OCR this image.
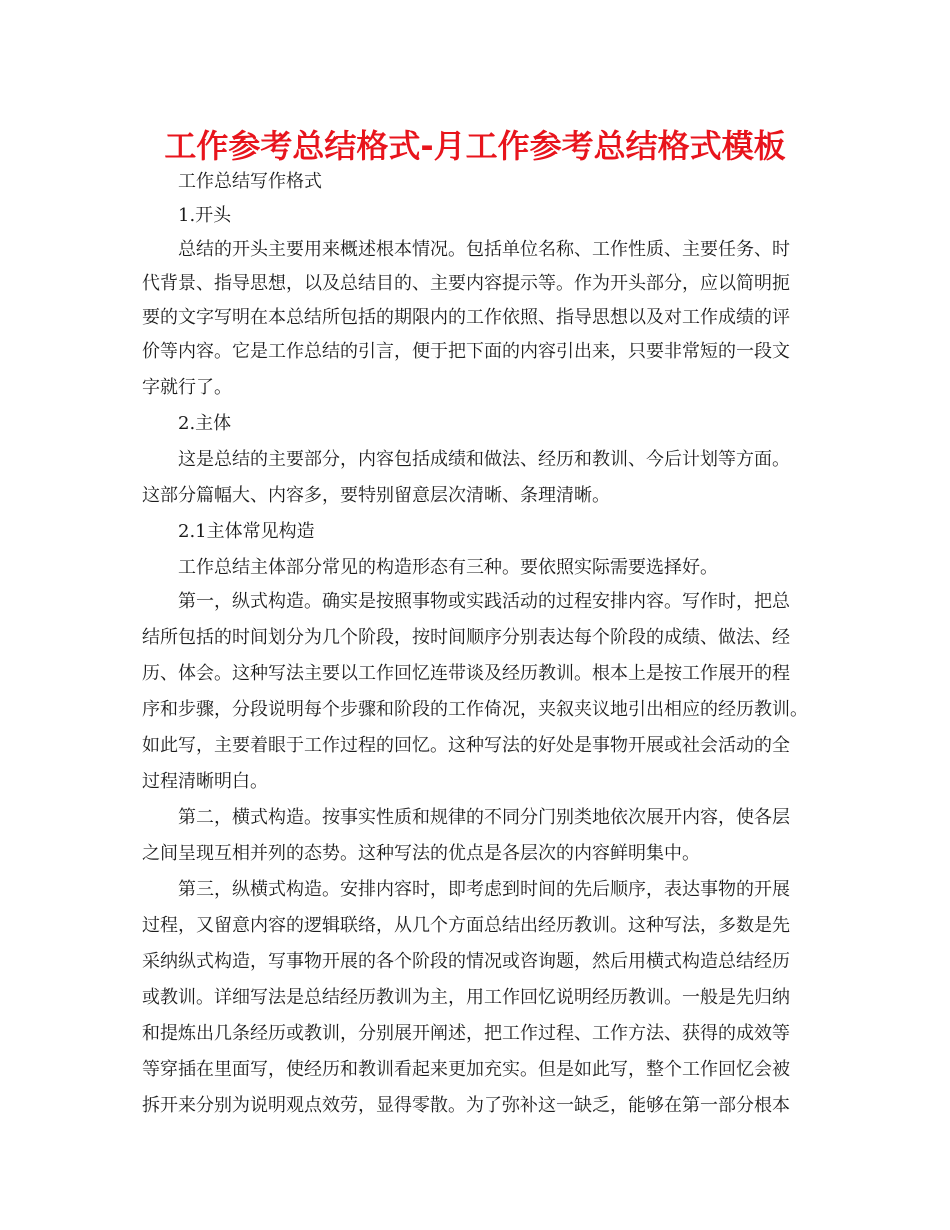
工作参考总结格式-月工作参考总结格式模板
工作总结写作格式
1.开头
总结的开头主要用来概述根本情况。包括单位名称、工作性质、主要任务、时
代背景、指导思想，以及总结目的、主要内容提示等。作为开头部分，应以简明扼
要的文字写明在本总结所包括的期限内的工作依照、指导思想以及对工作成绩的评
价等内容。它是工作总结的引言，便于把下面的内容引出来，只要非常短的一段文
字就行了。
2.主体
这是总结的主要部分，内容包括成绩和做法、经历和教训、今后计划等方面。
这部分篇幅大、内容多，要特别留意层次清晰、条理清晰。
2.1主体常见构造
工作总结主体部分常见的构造形态有三种。要依照实际需要选择好。
第一，纵式构造。确实是按照事物或实践活动的过程安排内容。写作时，把总
结所包括的时间划分为几个阶段，按时间顺序分别表达每个阶段的成绩、做法、经
历、体会。这种写法主要以工作回忆连带谈及经历教训。根本上是按工作展开的程
序和步骤，分段说明每个步骤和阶段的工作倚况，夹叙夹议地引出相应的经历教训。
如此写，主要着眼于工作过程的回忆。这种写法的好处是事物开展或社会活动的全
过程清晰明白。
第二，横式构造。按事实性质和规律的不同分门别类地依次展开内容，使各层
之间呈现互相并列的态势。这种写法的优点是各层次的内容鲜明集中。
第三，纵横式构造。安排内容时，即考虑到时间的先后顺序，表达事物的开展
过程，又留意内容的逻辑联络，从几个方面总结出经历教训。这种写法，多数是先
采纳纵式构造，写事物开展的各个阶段的情况或咨询题，然后用横式构造总结经历
或教训。详细写法是总结经历教训为主，用工作回忆说明经历教训。一般是先归纳
和提炼出几条经历或教训，分别展开阐述，把工作过程、工作方法、获得的成效等
等穿插在里面写，使经历和教训看起来更加充实。但是如此写，整个工作回忆会被
拆开来分别为说明观点效劳，显得零散。为了弥补这一缺乏，能够在第一部分根本
